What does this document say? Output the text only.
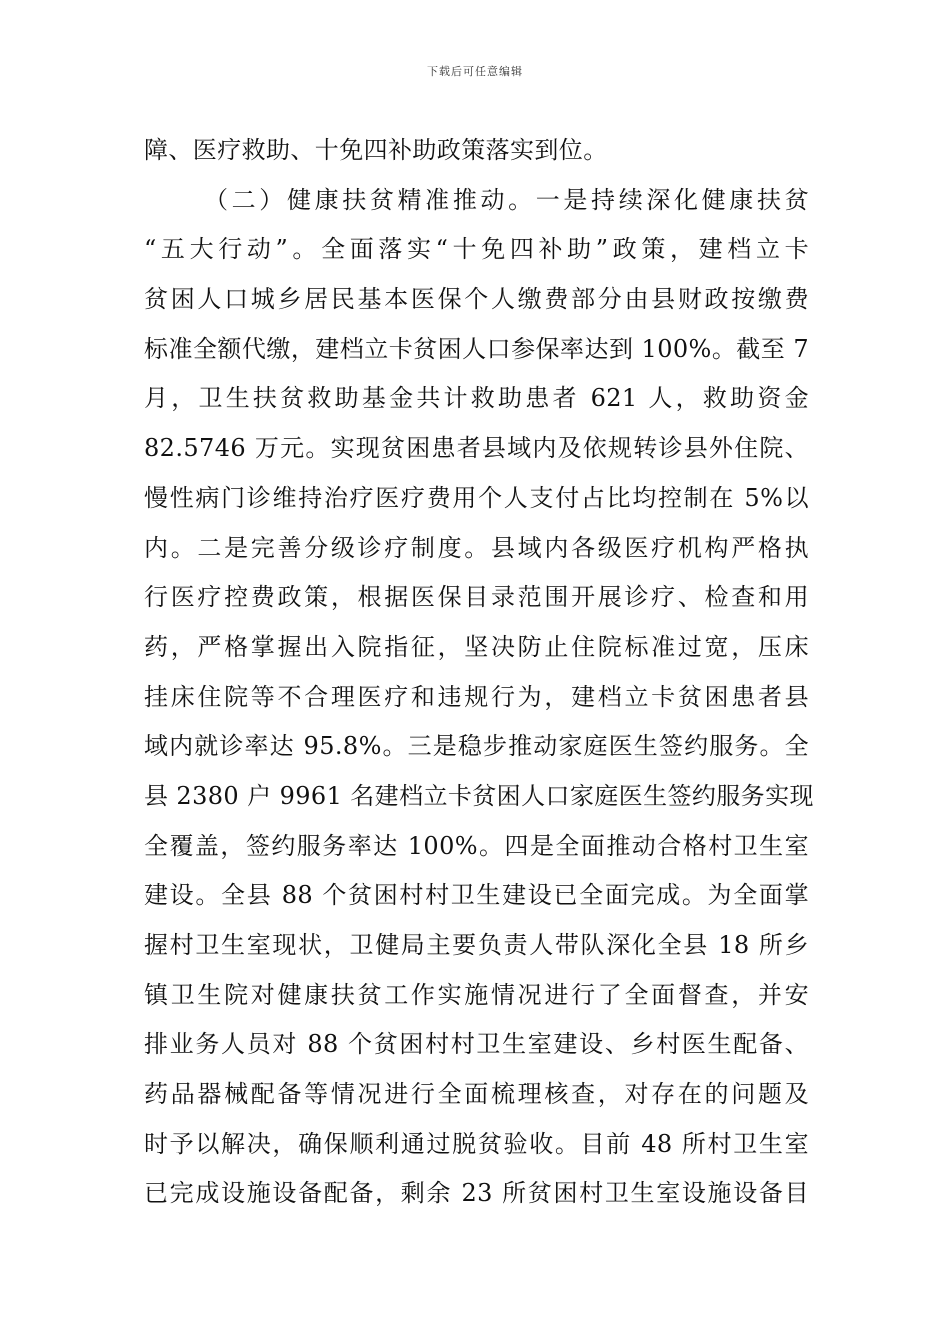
下载后可任意编辑
障、医疗救助、十免四补助政策落实到位。
（二）健康扶贫精准推动。一是持续深化健康扶贫
“五大行动”。全面落实“十免四补助”政策，建档立卡
贫困人口城乡居民基本医保个人缴费部分由县财政按缴费
标准全额代缴，建档立卡贫困人口参保率达到 100%。截至 7
月，卫生扶贫救助基金共计救助患者 621 人，救助资金
82.5746 万元。实现贫困患者县域内及依规转诊县外住院、
慢性病门诊维持治疗医疗费用个人支付占比均控制在 5%以
内。二是完善分级诊疗制度。县域内各级医疗机构严格执
行医疗控费政策，根据医保目录范围开展诊疗、检查和用
药，严格掌握出入院指征，坚决防止住院标准过宽，压床
挂床住院等不合理医疗和违规行为，建档立卡贫困患者县
域内就诊率达 95.8%。三是稳步推动家庭医生签约服务。全
县 2380 户 9961 名建档立卡贫困人口家庭医生签约服务实现
全覆盖，签约服务率达 100%。四是全面推动合格村卫生室
建设。全县 88 个贫困村村卫生建设已全面完成。为全面掌
握村卫生室现状，卫健局主要负责人带队深化全县 18 所乡
镇卫生院对健康扶贫工作实施情况进行了全面督查，并安
排业务人员对 88 个贫困村村卫生室建设、乡村医生配备、
药品器械配备等情况进行全面梳理核查，对存在的问题及
时予以解决，确保顺利通过脱贫验收。目前 48 所村卫生室
已完成设施设备配备，剩余 23 所贫困村卫生室设施设备目
